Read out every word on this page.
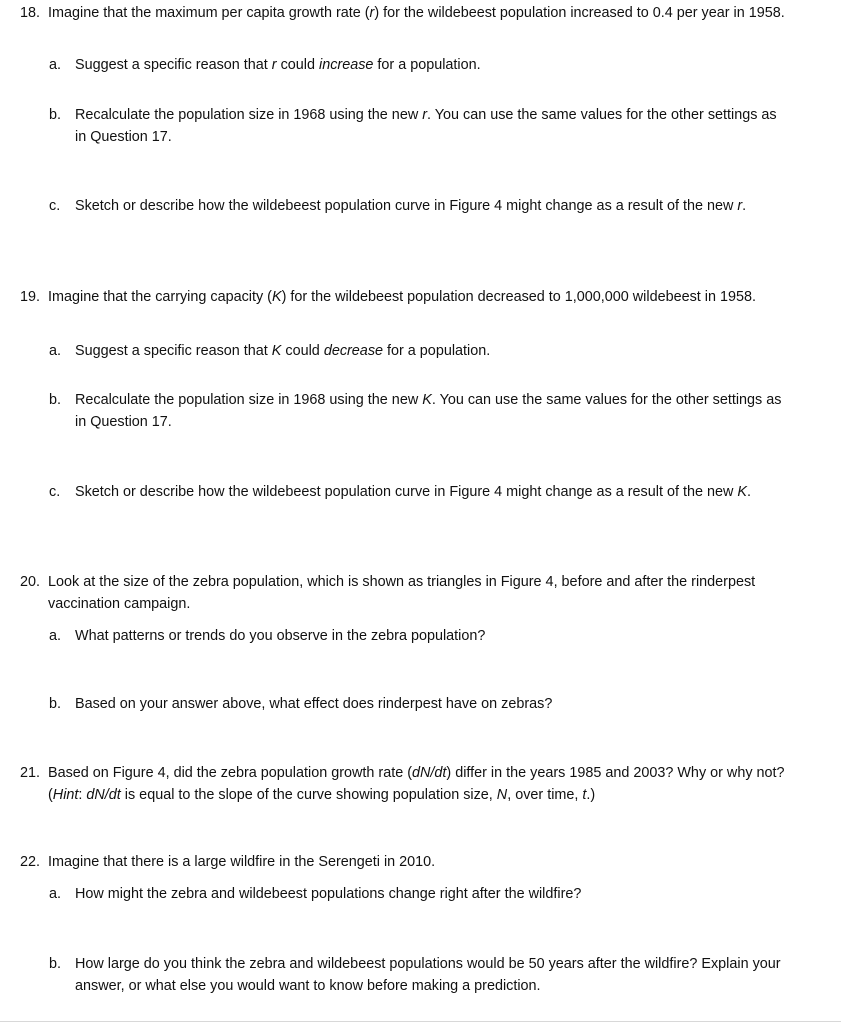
18. Imagine that the maximum per capita growth rate (r) for the wildebeest population increased to 0.4 per year in 1958.
a. Suggest a specific reason that r could increase for a population.
b. Recalculate the population size in 1968 using the new r. You can use the same values for the other settings as in Question 17.
c. Sketch or describe how the wildebeest population curve in Figure 4 might change as a result of the new r.
19. Imagine that the carrying capacity (K) for the wildebeest population decreased to 1,000,000 wildebeest in 1958.
a. Suggest a specific reason that K could decrease for a population.
b. Recalculate the population size in 1968 using the new K. You can use the same values for the other settings as in Question 17.
c. Sketch or describe how the wildebeest population curve in Figure 4 might change as a result of the new K.
20. Look at the size of the zebra population, which is shown as triangles in Figure 4, before and after the rinderpest vaccination campaign.
a. What patterns or trends do you observe in the zebra population?
b. Based on your answer above, what effect does rinderpest have on zebras?
21. Based on Figure 4, did the zebra population growth rate (dN/dt) differ in the years 1985 and 2003? Why or why not? (Hint: dN/dt is equal to the slope of the curve showing population size, N, over time, t.)
22. Imagine that there is a large wildfire in the Serengeti in 2010.
a. How might the zebra and wildebeest populations change right after the wildfire?
b. How large do you think the zebra and wildebeest populations would be 50 years after the wildfire? Explain your answer, or what else you would want to know before making a prediction.
